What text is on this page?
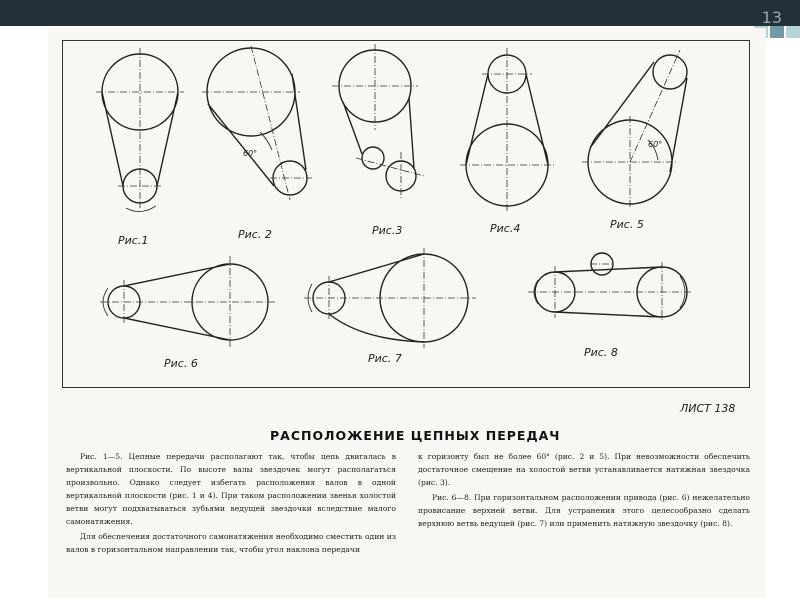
13
Рис.1	Рис. 2	Рис.3	Рис.4	Рис. 5
Рис. 6	Рис. 7	Рис. 8
60°
60°
ЛИСТ 138
РАСПОЛОЖЕНИЕ ЦЕПНЫХ ПЕРЕДАЧ

Рис. 1—5. Цепные передачи располагают так, чтобы цепь двигалась в вертикальной плоскости. По высоте валы звездочек могут располагаться произвольно. Однако следует избегать расположения валов в одной вертикальной плоскости (рис. 1 и 4). При таком расположении звенья холостой ветви могут подхватываться зубьями ведущей звездочки вследствие малого самонатяжения.

Для обеспечения достаточного самонатяжения необходимо сместить один из валов в горизонтальном направлении так, чтобы угол наклона передачи

к горизонту был не более 60° (рис. 2 и 5). При невозможности обеспечить достаточное смещение на холостой ветви устанавливается натяжная звездочка (рис. 3).

Рис. 6—8. При горизонтальном расположении привода (рис. 6) нежелательно провисание верхней ветви. Для устранения этого целесообразно сделать верхнюю ветвь ведущей (рис. 7) или применить натяжную звездочку (рис. 8).
